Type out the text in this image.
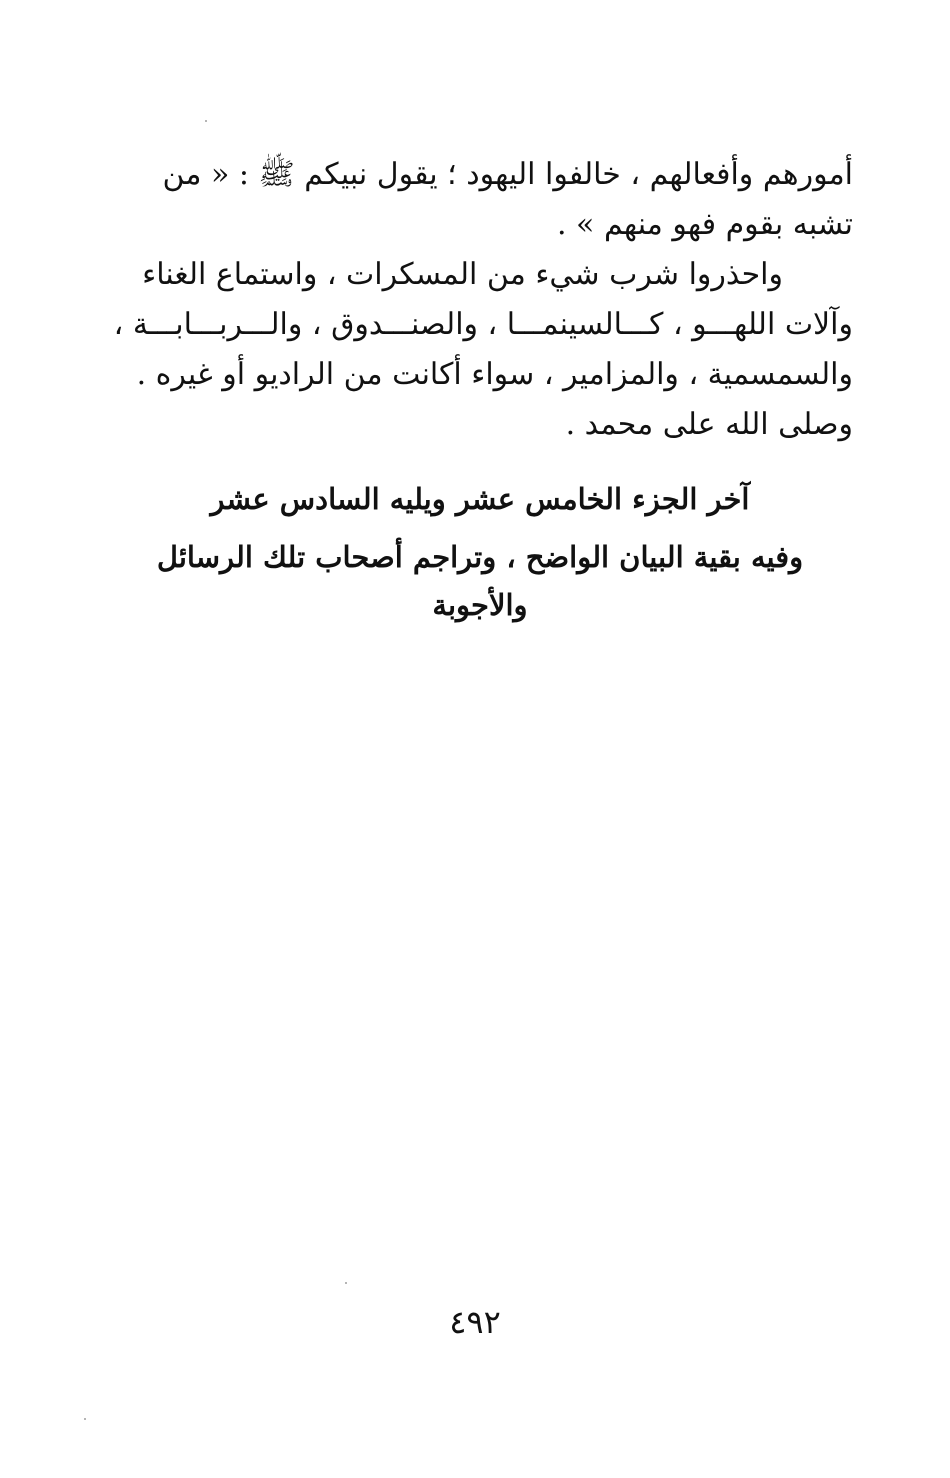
أمورهم وأفعالهم ، خالفوا اليهود ؛ يقول نبيكم ﷺ : « من
تشبه بقوم فهو منهم » .
واحذروا شرب شيء من المسكرات ، واستماع الغناء
وآلات اللهـــو ، كـــالسينمـــا ، والصنـــدوق ، والـــربـــابـــة ،
والسمسمية ، والمزامير ، سواء أكانت من الراديو أو غيره .
وصلى الله على محمد .
آخر الجزء الخامس عشر ويليه السادس عشر
وفيه بقية البيان الواضح ، وتراجم أصحاب تلك الرسائل
والأجوبة
٤٩٢
